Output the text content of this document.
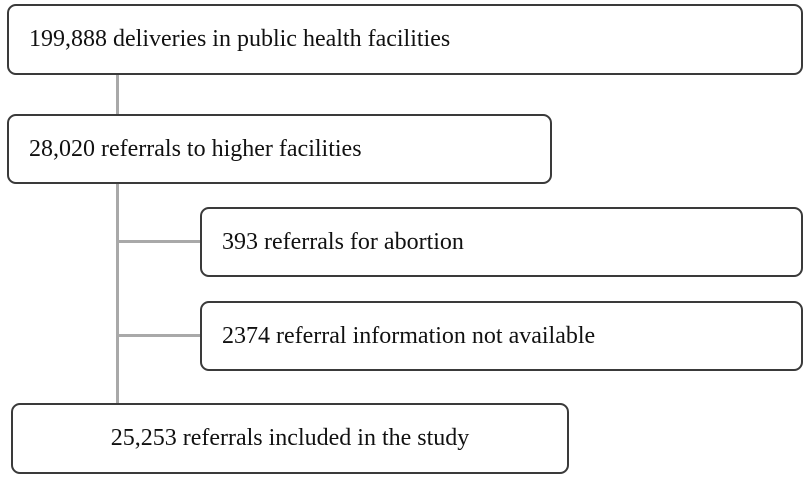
199,888 deliveries in public health facilities
28,020 referrals to higher facilities
393 referrals for abortion
2374 referral information not available
25,253 referrals included in the study
